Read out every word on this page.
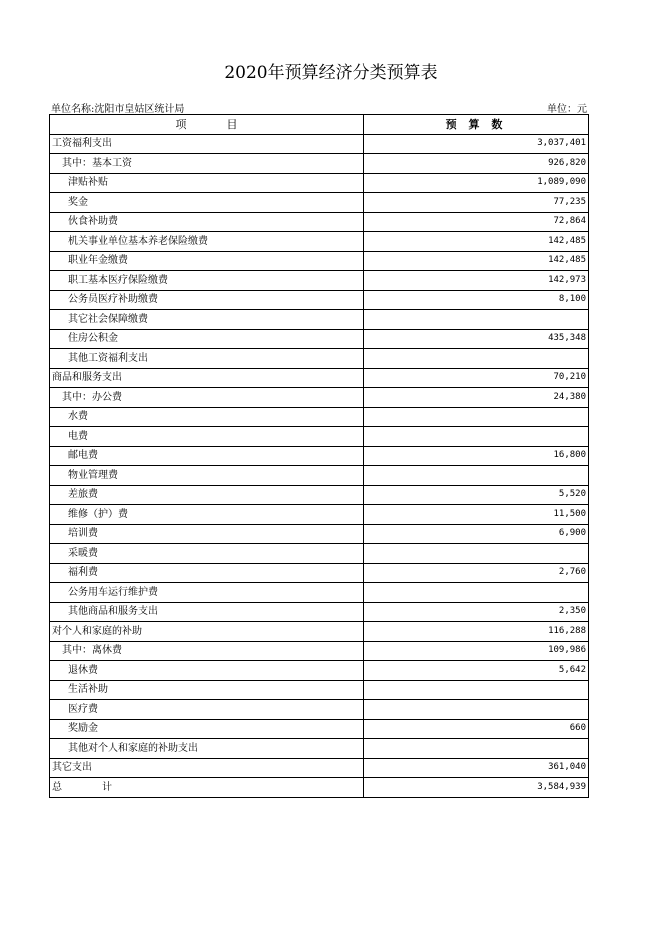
2020年预算经济分类预算表
单位名称:沈阳市皇姑区统计局	单位：元
项 目	预 算 数
工资福利支出	3,037,401
其中：基本工资	926,820
津贴补贴	1,089,090
奖金	77,235
伙食补助费	72,864
机关事业单位基本养老保险缴费	142,485
职业年金缴费	142,485
职工基本医疗保险缴费	142,973
公务员医疗补助缴费	8,100
其它社会保障缴费	
住房公积金	435,348
其他工资福利支出	
商品和服务支出	70,210
其中：办公费	24,380
水费	
电费	
邮电费	16,800
物业管理费	
差旅费	5,520
维修（护）费	11,500
培训费	6,900
采暖费	
福利费	2,760
公务用车运行维护费	
其他商品和服务支出	2,350
对个人和家庭的补助	116,288
其中：离休费	109,986
退休费	5,642
生活补助	
医疗费	
奖励金	660
其他对个人和家庭的补助支出	
其它支出	361,040
总 计	3,584,939
